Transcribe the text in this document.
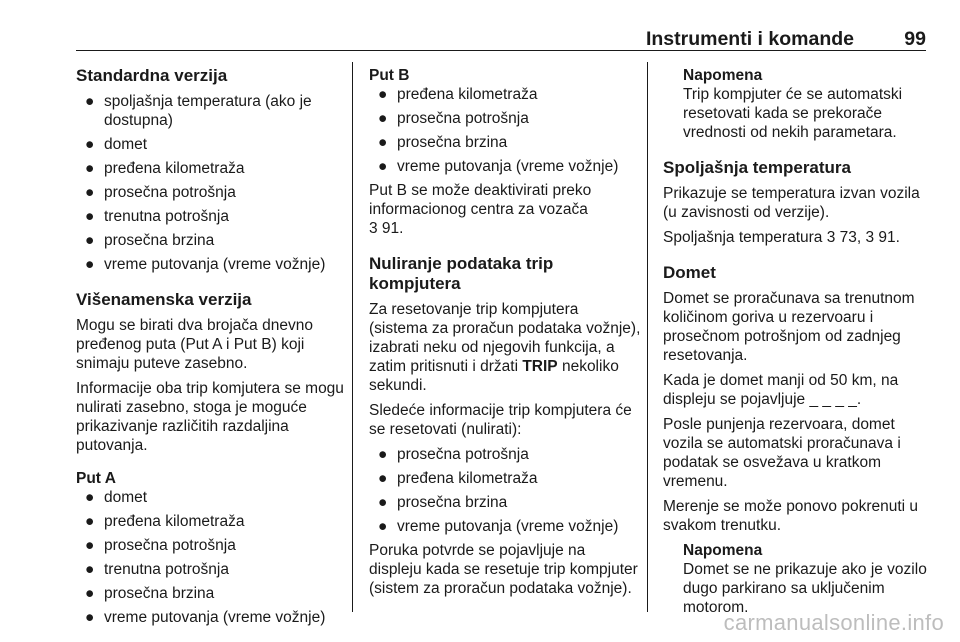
Instrumenti i komande	99
Standardna verzija
● spoljašnja temperatura (ako je dostupna)
● domet
● pređena kilometraža
● prosečna potrošnja
● trenutna potrošnja
● prosečna brzina
● vreme putovanja (vreme vožnje)
Višenamenska verzija

Mogu se birati dva brojača dnevno pređenog puta (Put A i Put B) koji snimaju puteve zasebno.

Informacije oba trip komjutera se mogu nulirati zasebno, stoga je moguće prikazivanje različitih razdaljina putovanja.

Put A
● domet
● pređena kilometraža
● prosečna potrošnja
● trenutna potrošnja
● prosečna brzina
● vreme putovanja (vreme vožnje)
Put B
● pređena kilometraža
● prosečna potrošnja
● prosečna brzina
● vreme putovanja (vreme vožnje)

Put B se može deaktivirati preko informacionog centra za vozača
3 91.

Nuliranje podataka trip kompjutera

Za resetovanje trip kompjutera (sistema za proračun podataka vožnje), izabrati neku od njegovih funkcija, a zatim pritisnuti i držati TRIP nekoliko sekundi.

Sledeće informacije trip kompjutera će se resetovati (nulirati):

● prosečna potrošnja
● pređena kilometraža
● prosečna brzina
● vreme putovanja (vreme vožnje)

Poruka potvrde se pojavljuje na displeju kada se resetuje trip kompjuter (sistem za proračun podataka vožnje).

Napomena
Trip kompjuter će se automatski resetovati kada se prekorače vrednosti od nekih parametara.
Spoljašnja temperatura

Prikazuje se temperatura izvan vozila (u zavisnosti od verzije).

Spoljašnja temperatura 3 73, 3 91.

Domet

Domet se proračunava sa trenutnom količinom goriva u rezervoaru i prosečnom potrošnjom od zadnjeg resetovanja.

Kada je domet manji od 50 km, na displeju se pojavljuje _ _ _ _.

Posle punjenja rezervoara, domet vozila se automatski proračunava i podatak se osvežava u kratkom vremenu.

Merenje se može ponovo pokrenuti u svakom trenutku.

Napomena
Domet se ne prikazuje ako je vozilo dugo parkirano sa uključenim motorom.
carmanualsonline.info
